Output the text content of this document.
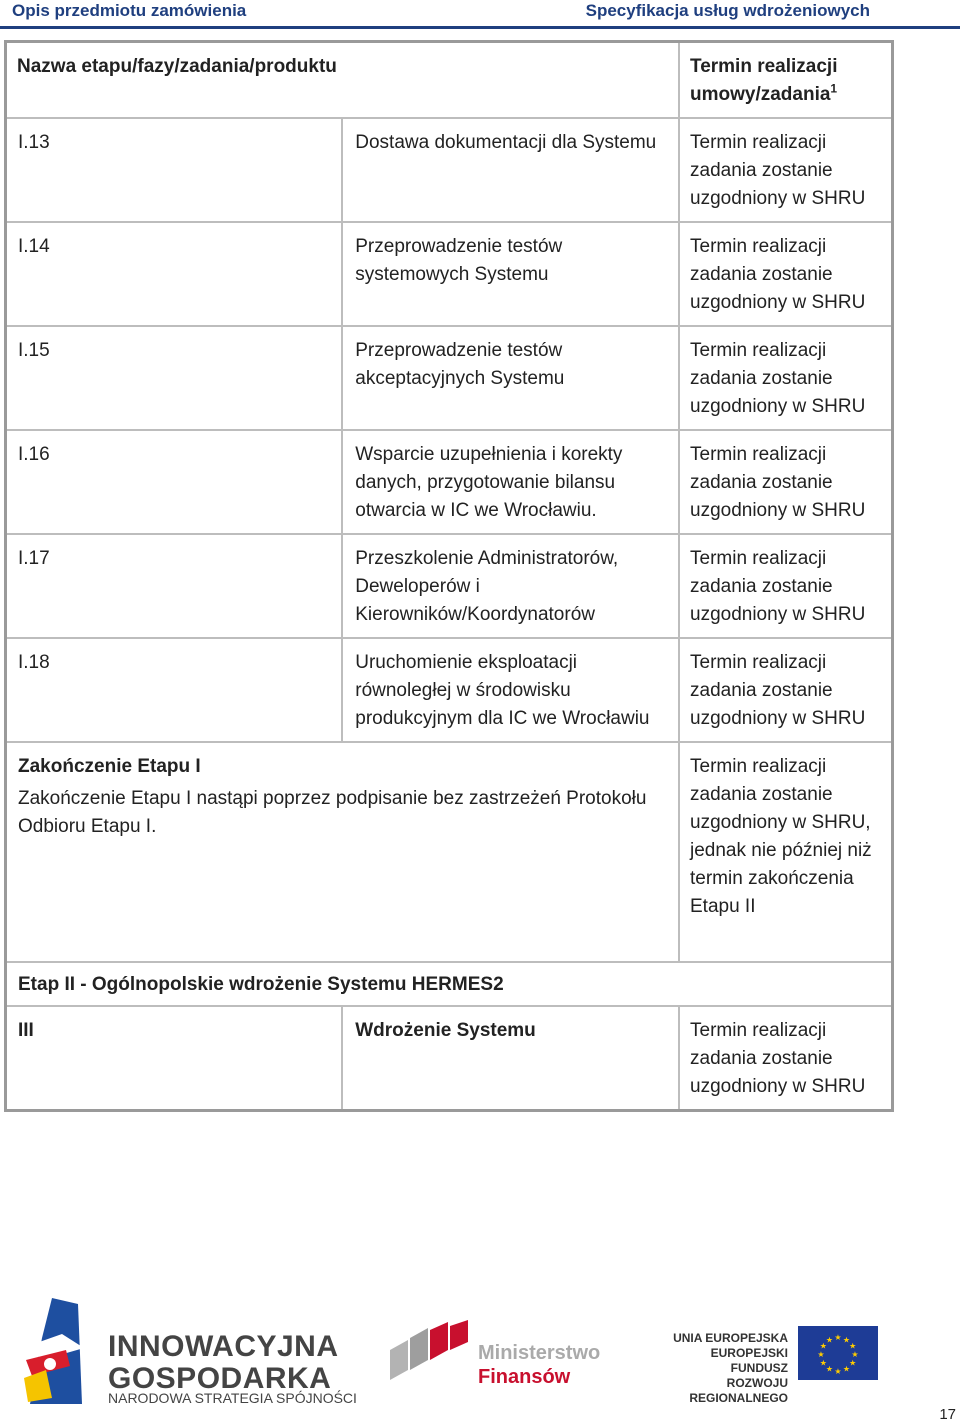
Opis przedmiotu zamówienia	Specyfikacja usług wdrożeniowych
Nazwa etapu/fazy/zadania/produktu		Termin realizacji umowy/zadania$^1$
I.13	Dostawa dokumentacji dla Systemu	Termin realizacji zadania zostanie uzgodniony w SHRU
I.14	Przeprowadzenie testów systemowych Systemu	Termin realizacji zadania zostanie uzgodniony w SHRU
I.15	Przeprowadzenie testów akceptacyjnych Systemu	Termin realizacji zadania zostanie uzgodniony w SHRU
I.16	Wsparcie uzupełnienia i korekty danych, przygotowanie bilansu otwarcia w IC we Wrocławiu.	Termin realizacji zadania zostanie uzgodniony w SHRU
I.17	Przeszkolenie Administratorów, Deweloperów i Kierowników/Koordynatorów	Termin realizacji zadania zostanie uzgodniony w SHRU
I.18	Uruchomienie eksploatacji równoległej w środowisku produkcyjnym dla IC we Wrocławiu	Termin realizacji zadania zostanie uzgodniony w SHRU

Zakończenie Etapu I
Zakończenie Etapu I nastąpi poprzez podpisanie bez zastrzeżeń Protokołu Odbioru Etapu I.		Termin realizacji zadania zostanie uzgodniony w SHRU, jednak nie później niż termin zakończenia Etapu II
Etap II - Ogólnopolskie wdrożenie Systemu HERMES2		
III	Wdrożenie Systemu	Termin realizacji zadania zostanie uzgodniony w SHRU
INNOWACYJNA
GOSPODARKA
NARODOWA STRATEGIA SPÓJNOŚCI
Ministerstwo
Finansów
UNIA EUROPEJSKA
EUROPEJSKI FUNDUSZ
ROZWOJU REGIONALNEGO
★
★
★
★
★
★
★
★
★ ★ ★
★
17
